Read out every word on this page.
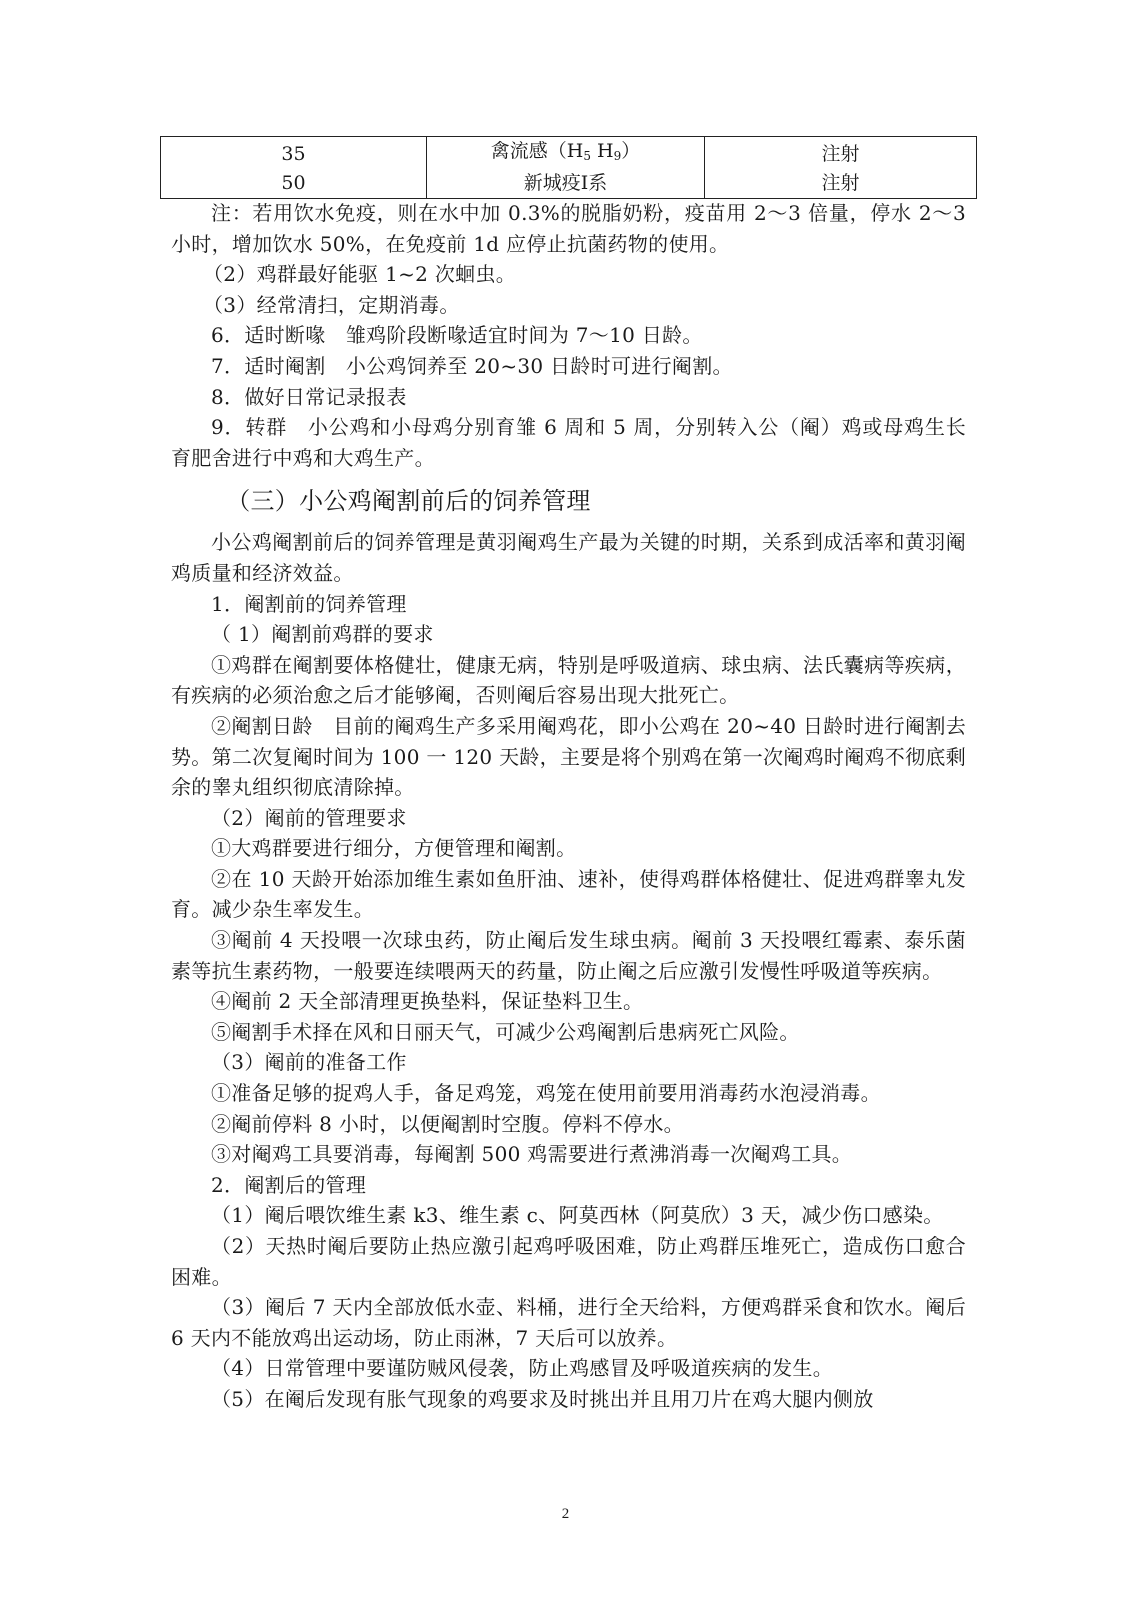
35	禽流感（$H_5$ $H_9$）	注射
50	新城疫Ⅰ系	注射

注：若用饮水免疫，则在水中加 0.3%的脱脂奶粉，疫苗用 2～3 倍量，停水 2～3 小时，增加饮水 50%，在免疫前 1d 应停止抗菌药物的使用。

（2）鸡群最好能驱 1~2 次蛔虫。

（3）经常清扫，定期消毒。

6．适时断喙　雏鸡阶段断喙适宜时间为 7～10 日龄。

7．适时阉割　小公鸡饲养至 20~30 日龄时可进行阉割。

8．做好日常记录报表

9．转群　小公鸡和小母鸡分别育雏 6 周和 5 周，分别转入公（阉）鸡或母鸡生长育肥舍进行中鸡和大鸡生产。

（三）小公鸡阉割前后的饲养管理

小公鸡阉割前后的饲养管理是黄羽阉鸡生产最为关键的时期，关系到成活率和黄羽阉鸡质量和经济效益。

1．阉割前的饲养管理

（ 1）阉割前鸡群的要求

①鸡群在阉割要体格健壮，健康无病，特别是呼吸道病、球虫病、法氏囊病等疾病，有疾病的必须治愈之后才能够阉，否则阉后容易出现大批死亡。

②阉割日龄　目前的阉鸡生产多采用阉鸡花，即小公鸡在 20~40 日龄时进行阉割去势。第二次复阉时间为 100 一 120 天龄，主要是将个别鸡在第一次阉鸡时阉鸡不彻底剩余的睾丸组织彻底清除掉。

（2）阉前的管理要求

①大鸡群要进行细分，方便管理和阉割。

②在 10 天龄开始添加维生素如鱼肝油、速补，使得鸡群体格健壮、促进鸡群睾丸发育。减少杂生率发生。

③阉前 4 天投喂一次球虫药，防止阉后发生球虫病。阉前 3 天投喂红霉素、泰乐菌素等抗生素药物，一般要连续喂两天的药量，防止阉之后应激引发慢性呼吸道等疾病。

④阉前 2 天全部清理更换垫料，保证垫料卫生。

⑤阉割手术择在风和日丽天气，可减少公鸡阉割后患病死亡风险。

（3）阉前的准备工作

①准备足够的捉鸡人手，备足鸡笼，鸡笼在使用前要用消毒药水泡浸消毒。

②阉前停料 8 小时，以便阉割时空腹。停料不停水。

③对阉鸡工具要消毒，每阉割 500 鸡需要进行煮沸消毒一次阉鸡工具。

2．阉割后的管理

（1）阉后喂饮维生素 k3、维生素 c、阿莫西林（阿莫欣）3 天，减少伤口感染。

（2）天热时阉后要防止热应激引起鸡呼吸困难，防止鸡群压堆死亡，造成伤口愈合困难。

（3）阉后 7 天内全部放低水壶、料桶，进行全天给料，方便鸡群采食和饮水。阉后 6 天内不能放鸡出运动场，防止雨淋，7 天后可以放养。

（4）日常管理中要谨防贼风侵袭，防止鸡感冒及呼吸道疾病的发生。

（5）在阉后发现有胀气现象的鸡要求及时挑出并且用刀片在鸡大腿内侧放

2
